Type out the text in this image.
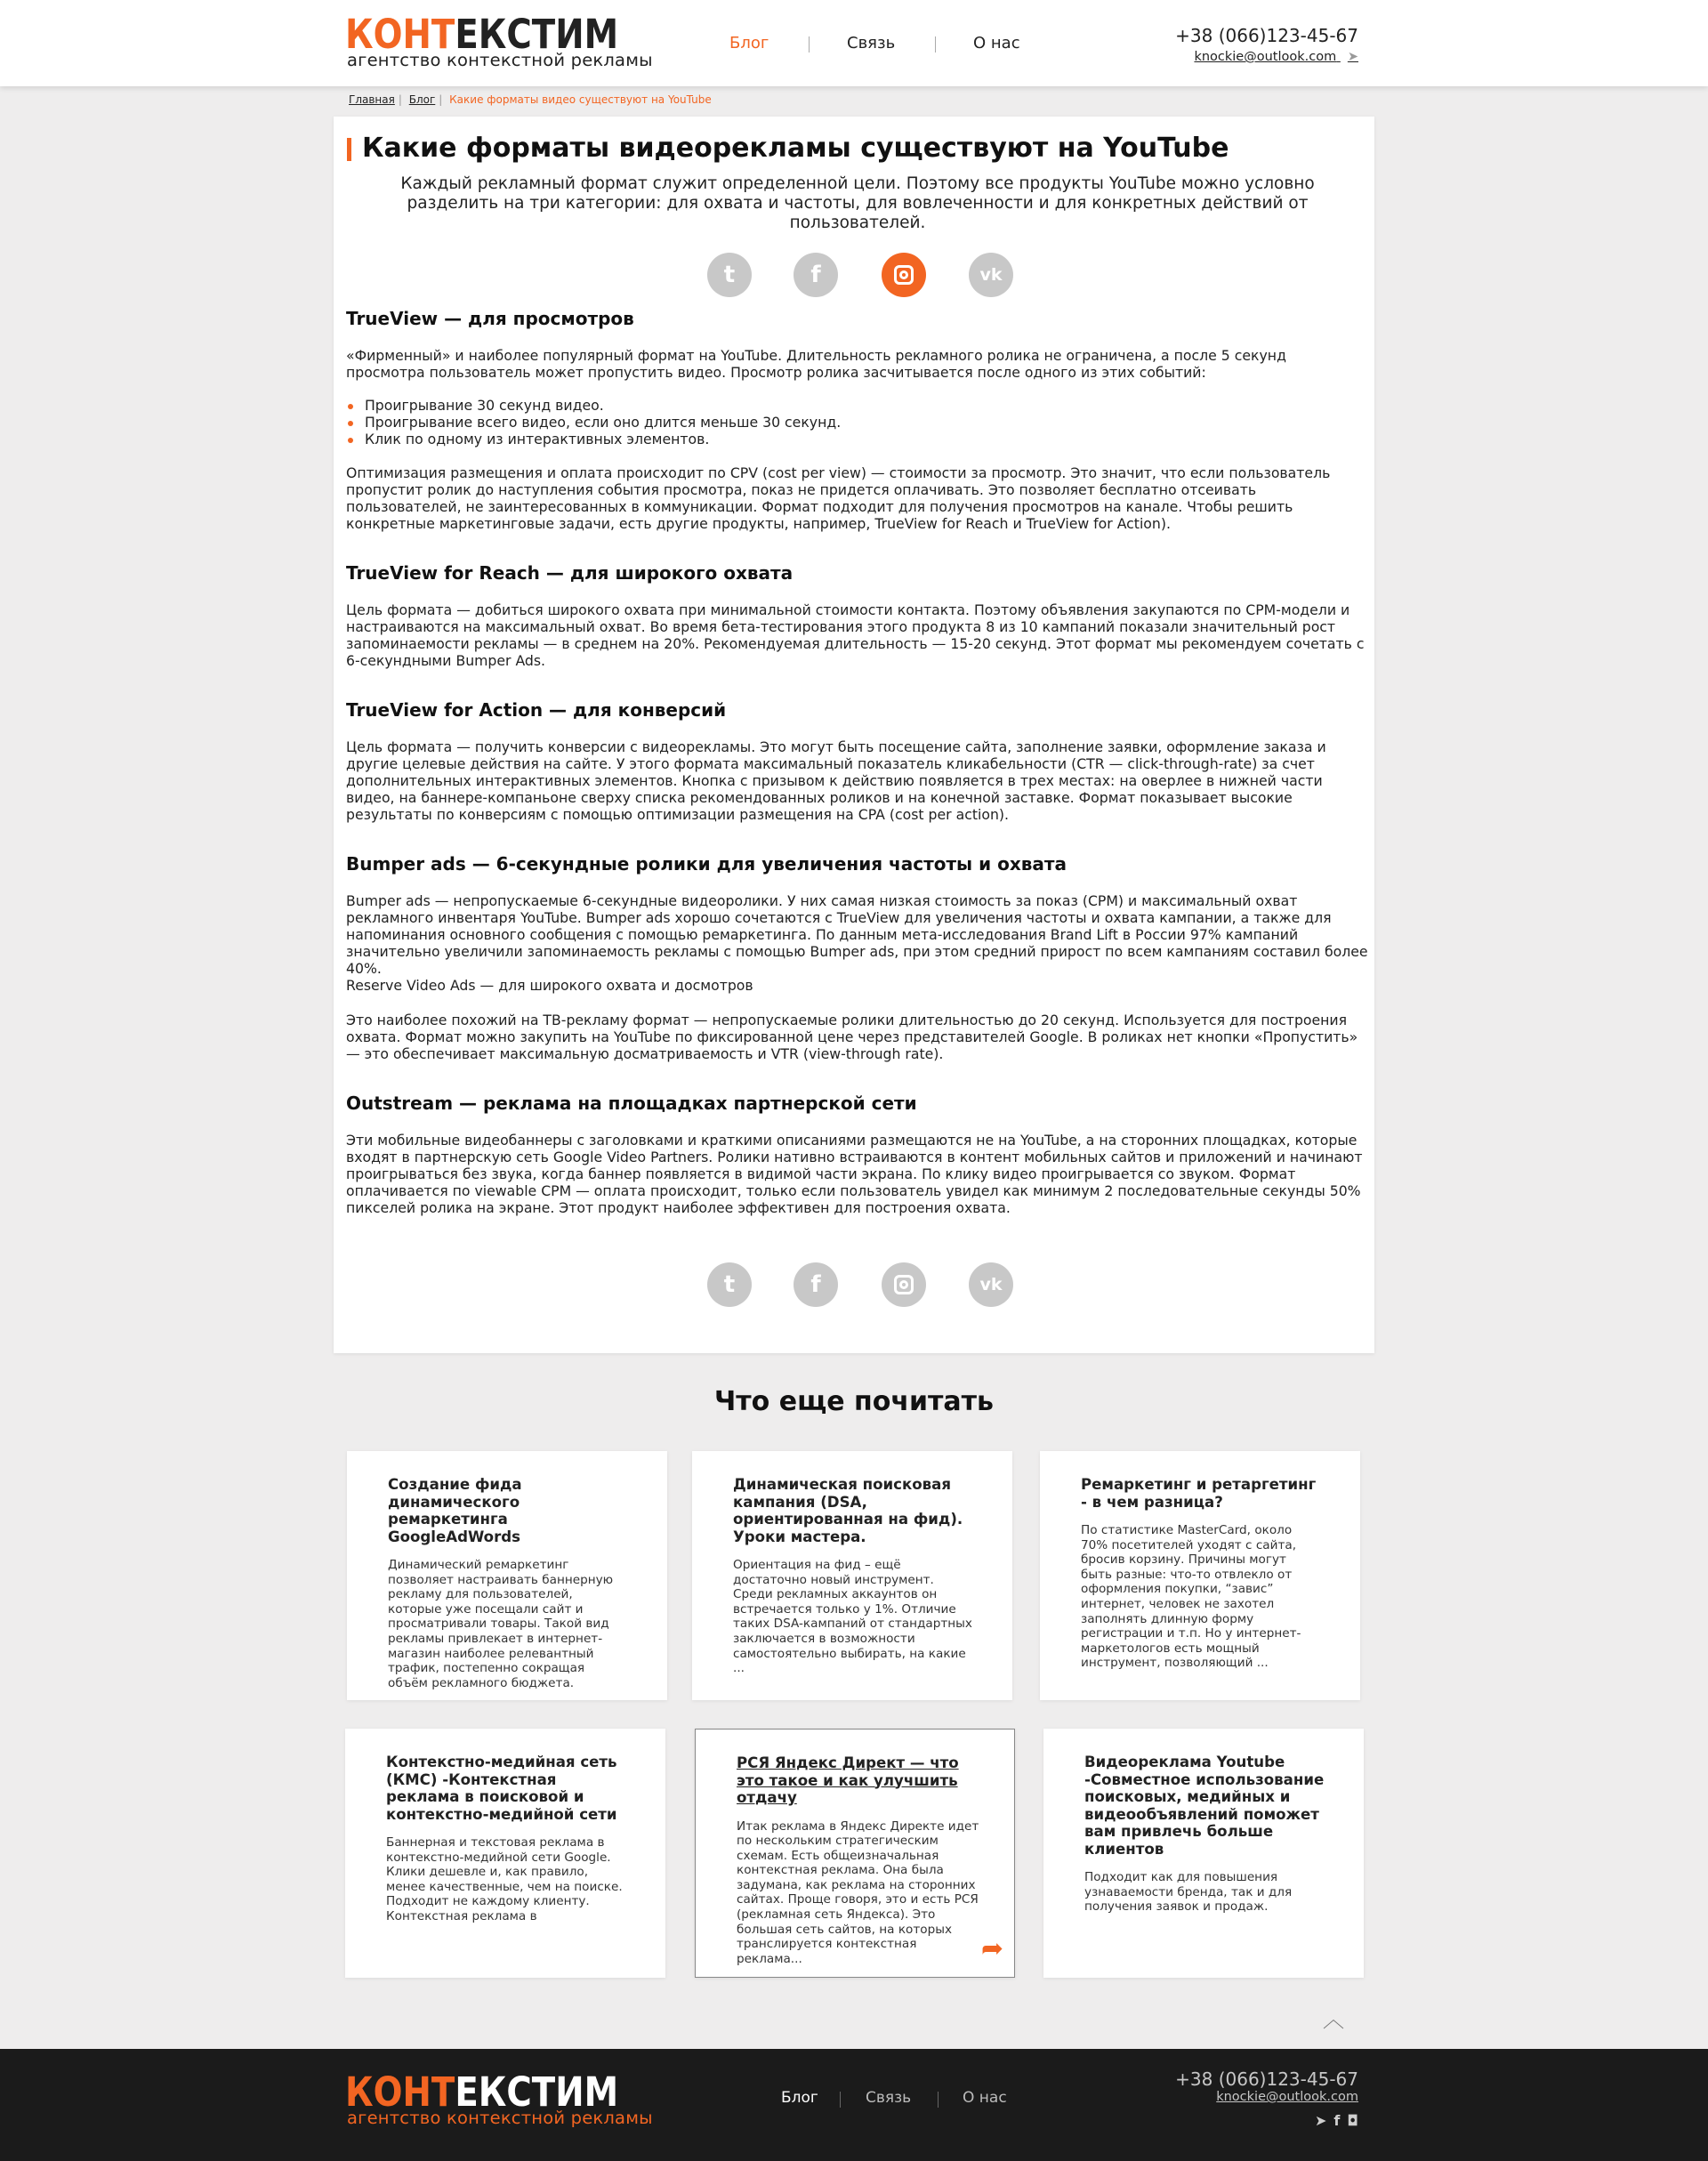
КОНТЕКСТИМ
агентство контекстной рекламы
Блог	Связь	О нас	+38 (066)123-45-67
knockie@outlook.com ➤
Главная | Блог | Какие форматы видео существуют на YouTube
Какие форматы видеорекламы существуют на YouTube

Каждый рекламный формат служит определенной цели. Поэтому все продукты YouTube можно условно разделить на три категории: для охвата и частоты, для вовлеченности и для конкретных действий от пользователей.

t	f	vk
TrueView — для просмотров

«Фирменный» и наиболее популярный формат на YouTube. Длительность рекламного ролика не ограничена, а после 5 секунд просмотра пользователь может пропустить видео. Просмотр ролика засчитывается после одного из этих событий:

Проигрывание 30 секунд видео.
Проигрывание всего видео, если оно длится меньше 30 секунд.
Клик по одному из интерактивных элементов.

Оптимизация размещения и оплата происходит по CPV (cost per view) — стоимости за просмотр. Это значит, что если пользователь пропустит ролик до наступления события просмотра, показ не придется оплачивать. Это позволяет бесплатно отсеивать пользователей, не заинтересованных в коммуникации. Формат подходит для получения просмотров на канале. Чтобы решить конкретные маркетинговые задачи, есть другие продукты, например, TrueView for Reach и TrueView for Action).

TrueView for Reach — для широкого охвата

Цель формата — добиться широкого охвата при минимальной стоимости контакта. Поэтому объявления закупаются по CPM-модели и настраиваются на максимальный охват. Во время бета-тестирования этого продукта 8 из 10 кампаний показали значительный рост запоминаемости рекламы — в среднем на 20%. Рекомендуемая длительность — 15-20 секунд. Этот формат мы рекомендуем сочетать с 6-секундными Bumper Ads.

TrueView for Action — для конверсий

Цель формата — получить конверсии с видеорекламы. Это могут быть посещение сайта, заполнение заявки, оформление заказа и другие целевые действия на сайте. У этого формата максимальный показатель кликабельности (CTR — click-through-rate) за счет дополнительных интерактивных элементов. Кнопка с призывом к действию появляется в трех местах: на оверлее в нижней части видео, на баннере-компаньоне сверху списка рекомендованных роликов и на конечной заставке. Формат показывает высокие результаты по конверсиям с помощью оптимизации размещения на CPA (cost per action).

Bumper ads — 6-секундные ролики для увеличения частоты и охвата

Bumper ads — непропускаемые 6-секундные видеоролики. У них самая низкая стоимость за показ (CPM) и максимальный охват рекламного инвентаря YouTube. Bumper ads хорошо сочетаются с TrueView для увеличения частоты и охвата кампании, а также для напоминания основного сообщения с помощью ремаркетинга. По данным мета-исследования Brand Lift в России 97% кампаний значительно увеличили запоминаемость рекламы с помощью Bumper ads, при этом средний прирост по всем кампаниям составил более 40%.

Reserve Video Ads — для широкого охвата и досмотров

Это наиболее похожий на ТВ-рекламу формат — непропускаемые ролики длительностью до 20 секунд. Используется для построения охвата. Формат можно закупить на YouTube по фиксированной цене через представителей Google. В роликах нет кнопки «Пропустить» — это обеспечивает максимальную досматриваемость и VTR (view-through rate).

Outstream — реклама на площадках партнерской сети

Эти мобильные видеобаннеры с заголовками и краткими описаниями размещаются не на YouTube, а на сторонних площадках, которые входят в партнерскую сеть Google Video Partners. Ролики нативно встраиваются в контент мобильных сайтов и приложений и начинают проигрываться без звука, когда баннер появляется в видимой части экрана. По клику видео проигрывается со звуком. Формат оплачивается по viewable CPM — оплата происходит, только если пользователь увидел как минимум 2 последовательные секунды 50% пикселей ролика на экране. Этот продукт наиболее эффективен для построения охвата.

t	f	vk
Что еще почитать
Создание фида динамического ремаркетинга GoogleAdWords
Динамический ремаркетинг позволяет настраивать баннерную рекламу для пользователей, которые уже посещали сайт и просматривали товары. Такой вид рекламы привлекает в интернет-магазин наиболее релевантный трафик, постепенно сокращая объём рекламного бюджета.
Динамическая поисковая кампания (DSA, ориентированная на фид). Уроки мастера.
Ориентация на фид – ещё достаточно новый инструмент. Среди рекламных аккаунтов он встречается только у 1%. Отличие таких DSA-кампаний от стандартных заключается в возможности самостоятельно выбирать, на какие ...
Ремаркетинг и ретаргетинг - в чем разница?
По статистике MasterCard, около 70% посетителей уходят с сайта, бросив корзину. Причины могут быть разные: что-то отвлекло от оформления покупки, “завис” интернет, человек не захотел заполнять длинную форму регистрации и т.п. Но у интернет-маркетологов есть мощный инструмент, позволяющий ...
Контекстно-медийная сеть (КМС) -Контекстная реклама в поисковой и контекстно-медийной сети
Баннерная и текстовая реклама в контекстно-медийной сети Google. Клики дешевле и, как правило, менее качественные, чем на поиске. Подходит не каждому клиенту. Контекстная реклама в
РСЯ Яндекс Директ — что это такое и как улучшить отдачу
Итак реклама в Яндекс Директе идет по нескольким стратегическим схемам. Есть общеизначальная контекстная реклама. Она была задумана, как реклама на сторонних сайтах. Проще говоря, это и есть РСЯ (рекламная сеть Яндекса). Это большая сеть сайтов, на которых транслируется контекстная реклама...	➦
Видеореклама Youtube -Совместное использование поисковых, медийных и видеообъявлений поможет вам привлечь больше клиентов
Подходит как для повышения узнаваемости бренда, так и для получения заявок и продаж.
︿
КОНТЕКСТИМ
агентство контекстной рекламы
Блог	Связь	О нас
+38 (066)123-45-67
knockie@outlook.com
➤ f ◘
